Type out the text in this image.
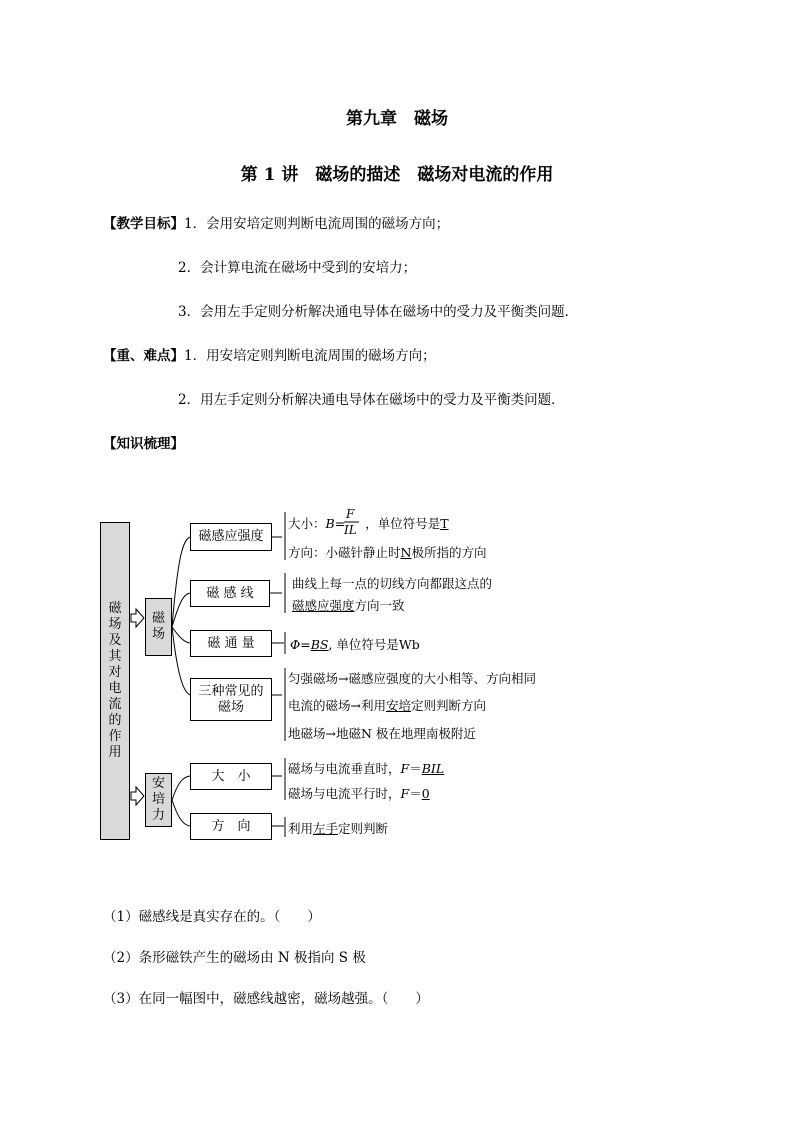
第九章　磁场
第 1 讲　磁场的描述　磁场对电流的作用
【教学目标】1．会用安培定则判断电流周围的磁场方向；
2．会计算电流在磁场中受到的安培力；
3．会用左手定则分析解决通电导体在磁场中的受力及平衡类问题．
【重、难点】1．用安培定则判断电流周围的磁场方向；
2．用左手定则分析解决通电导体在磁场中的受力及平衡类问题．
【知识梳理】
磁
场
及
其
对
电
流
的
作
用
磁
场
安
培
力
磁感应强度
磁 感 线
磁 通 量
三种常见的
磁场
大　小
方　向
大小：B= ，单位符号是T
F
IL
方向：小磁针静止时N极所指的方向
曲线上每一点的切线方向都跟这点的
磁感应强度方向一致
Φ=BS, 单位符号是Wb
匀强磁场→磁感应强度的大小相等、方向相同
电流的磁场→利用安培定则判断方向
地磁场→地磁N 极在地理南极附近
磁场与电流垂直时，F＝BIL
磁场与电流平行时，F＝0
利用左手定则判断
（1）磁感线是真实存在的。（　　）
（2）条形磁铁产生的磁场由 N 极指向 S 极
（3）在同一幅图中，磁感线越密，磁场越强。（　　）
